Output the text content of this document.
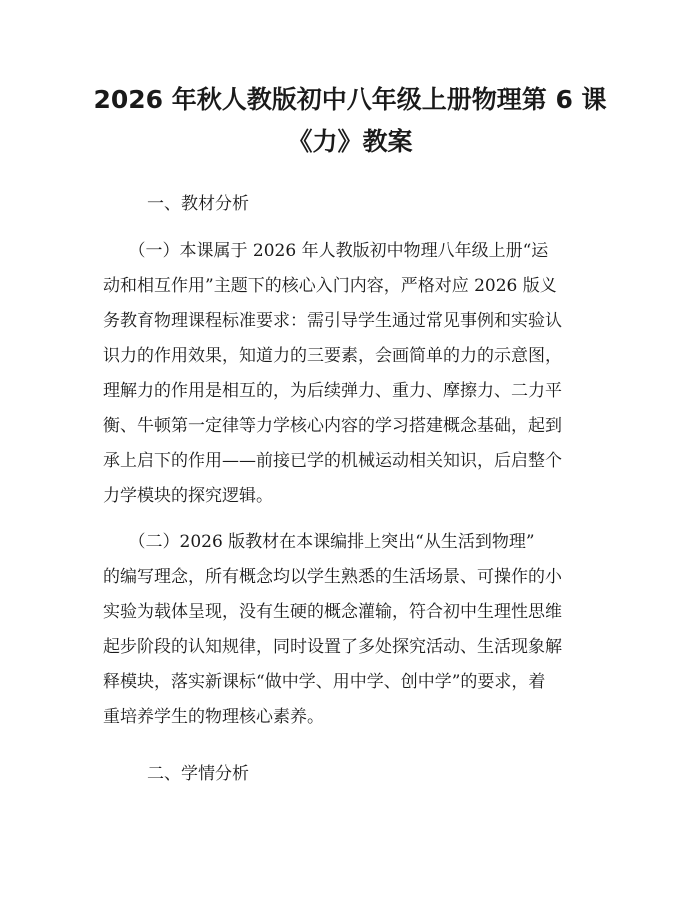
2026 年秋人教版初中八年级上册物理第 6 课
《力》教案
一、教材分析
　　（一）本课属于 2026 年人教版初中物理八年级上册“运
动和相互作用”主题下的核心入门内容，严格对应 2026 版义
务教育物理课程标准要求：需引导学生通过常见事例和实验认
识力的作用效果，知道力的三要素，会画简单的力的示意图，
理解力的作用是相互的，为后续弹力、重力、摩擦力、二力平
衡、牛顿第一定律等力学核心内容的学习搭建概念基础，起到
承上启下的作用——前接已学的机械运动相关知识，后启整个
力学模块的探究逻辑。
　　（二）2026 版教材在本课编排上突出“从生活到物理”
的编写理念，所有概念均以学生熟悉的生活场景、可操作的小
实验为载体呈现，没有生硬的概念灌输，符合初中生理性思维
起步阶段的认知规律，同时设置了多处探究活动、生活现象解
释模块，落实新课标“做中学、用中学、创中学”的要求，着
重培养学生的物理核心素养。
二、学情分析
